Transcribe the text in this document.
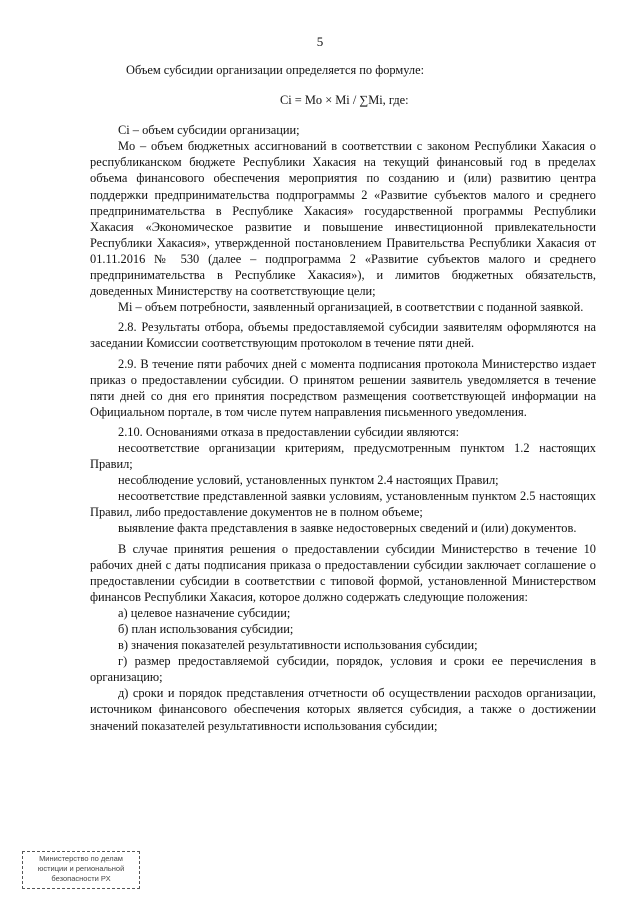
5

Объем субсидии организации определяется по формуле:

Ci = Mo × Mi / ∑Mi, где:

Ci – объем субсидии организации;

Mo – объем бюджетных ассигнований в соответствии с законом Республики Хакасия о республиканском бюджете Республики Хакасия на текущий финансовый год в пределах объема финансового обеспечения мероприятия по созданию и (или) развитию центра поддержки предпринимательства подпрограммы 2 «Развитие субъектов малого и среднего предпринимательства в Республике Хакасия» государственной программы Республики Хакасия «Экономическое развитие и повышение инвестиционной привлекательности Республики Хакасия», утвержденной постановлением Правительства Республики Хакасия от 01.11.2016 № 530 (далее – подпрограмма 2 «Развитие субъектов малого и среднего предпринимательства в Республике Хакасия»), и лимитов бюджетных обязательств, доведенных Министерству на соответствующие цели;

Mi – объем потребности, заявленный организацией, в соответствии с поданной заявкой.

2.8. Результаты отбора, объемы предоставляемой субсидии заявителям оформляются на заседании Комиссии соответствующим протоколом в течение пяти дней.

2.9. В течение пяти рабочих дней с момента подписания протокола Министерство издает приказ о предоставлении субсидии. О принятом решении заявитель уведомляется в течение пяти дней со дня его принятия посредством размещения соответствующей информации на Официальном портале, в том числе путем направления письменного уведомления.

2.10. Основаниями отказа в предоставлении субсидии являются:

несоответствие организации критериям, предусмотренным пунктом 1.2 настоящих Правил;

несоблюдение условий, установленных пунктом 2.4 настоящих Правил;

несоответствие представленной заявки условиям, установленным пунктом 2.5 настоящих Правил, либо предоставление документов не в полном объеме;

выявление факта представления в заявке недостоверных сведений и (или) документов.

В случае принятия решения о предоставлении субсидии Министерство в течение 10 рабочих дней с даты подписания приказа о предоставлении субсидии заключает соглашение о предоставлении субсидии в соответствии с типовой формой, установленной Министерством финансов Республики Хакасия, которое должно содержать следующие положения:

а) целевое назначение субсидии;

б) план использования субсидии;

в) значения показателей результативности использования субсидии;

г) размер предоставляемой субсидии, порядок, условия и сроки ее перечисления в организацию;

д) сроки и порядок представления отчетности об осуществлении расходов организации, источником финансового обеспечения которых является субсидия, а также о достижении значений показателей результативности использования субсидии;

Министерство по делам
юстиции и региональной
безопасности РХ
